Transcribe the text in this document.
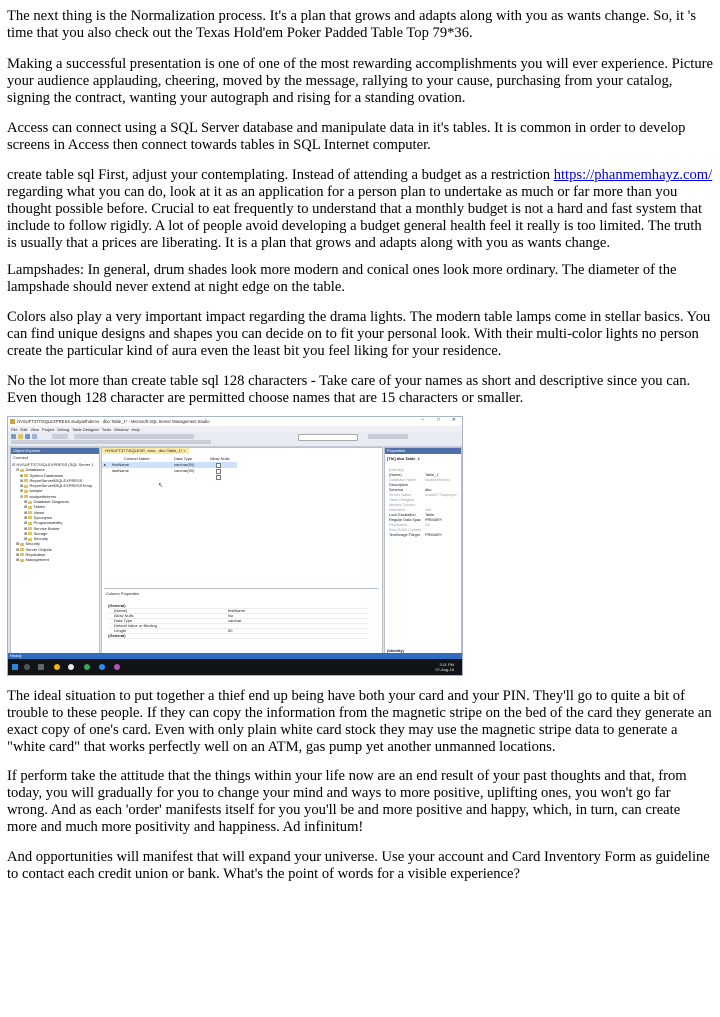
The next thing is the Normalization process. It's a plan that grows and adapts along with you as wants change. So, it 's time that you also check out the Texas Hold'em Poker Padded Table Top 79*36.

Making a successful presentation is one of one of the most rewarding accomplishments you will ever experience. Picture your audience applauding, cheering, moved by the message, rallying to your cause, purchasing from your catalog, signing the contract, wanting your autograph and rising for a standing ovation.

Access can connect using a SQL Server database and manipulate data in it's tables. It is common in order to develop screens in Access then connect towards tables in SQL Internet computer.

create table sql First, adjust your contemplating. Instead of attending a budget as a restriction https://phanmemhayz.com/ regarding what you can do, look at it as an application for a person plan to undertake as much or far more than you thought possible before. Crucial to eat frequently to understand that a monthly budget is not a hard and fast system that include to follow rigidly. A lot of people avoid developing a budget general health feel it really is too limited. The truth is usually that a prices are liberating. It is a plan that grows and adapts along with you as wants change.

Lampshades: In general, drum shades look more modern and conical ones look more ordinary. The diameter of the lampshade should never extend at night edge on the table.

Colors also play a very important impact regarding the drama lights. The modern table lamps come in stellar basics. You can find unique designs and shapes you can decide on to fit your personal look. With their multi-color lights no person create the particular kind of aura even the least bit you feel liking for your residence.

No the lot more than create table sql 128 characters - Take care of your names as short and descriptive since you can. Even though 128 character are permitted choose names that are 15 characters or smaller.

HVSUFT377\SQLEXPRESS.studywithdemo - dbo.Table_1* - Microsoft SQL Server Management Studio	–	□ ✕
File Edit View Project Debug Table Designer Tools Window Help
Object Explorer
Connect
⊟ HVSUFT377\SQLEXPRESS (SQL Server 1
⊟ Databases
⊞ System Databases
⊞ ReportServer$SQLEXPRESS
⊞ ReportServer$SQLEXPRESSTemp
⊞ sample
⊟ studywithdemo
⊞ Database Diagrams
⊞ Tables
⊞ Views
⊞ Synonyms
⊞ Programmability
⊞ Service Broker
⊞ Storage
⊞ Security
⊞ Security
⊞ Server Objects
⊞ Replication
⊞ Management
HVSUFT377\SQLEXP...emo - dbo.Table_1* ×
Column Name	Data Type	Allow Nulls
▸ firstName	varchar(50)
lastName	varchar(50)
↖
Column Properties
(General)
(Name)	firstName
Allow Nulls	No
Data Type	varchar
Default Value or Binding
Length	50
(General)
Properties
[Tbl] dbo.Table_1
(Identity)
(Name)	Table_1
Database Name studywithdemo
Description
Schema	dbo
Server Name	hvsuft377\sqlexpre
Table Designer
Identity Column
Indexable	Yes
Lock Escalation Table
Regular Data Spac PRIMARY
Replicated	No
Row GUID Column
Text/Image Filegro PRIMARY
(Identity)
Ready
3:11 PM
07-Aug-16

The ideal situation to put together a thief end up being have both your card and your PIN. They'll go to quite a bit of trouble to these people. If they can copy the information from the magnetic stripe on the bed of the card they generate an exact copy of one's card. Even with only plain white card stock they may use the magnetic stripe data to generate a "white card" that works perfectly well on an ATM, gas pump yet another unmanned locations.

If perform take the attitude that the things within your life now are an end result of your past thoughts and that, from today, you will gradually for you to change your mind and ways to more positive, uplifting ones, you won't go far wrong. And as each 'order' manifests itself for you you'll be and more positive and happy, which, in turn, can create more and much more positivity and happiness. Ad infinitum!

And opportunities will manifest that will expand your universe. Use your account and Card Inventory Form as guideline to contact each credit union or bank. What's the point of words for a visible experience?
